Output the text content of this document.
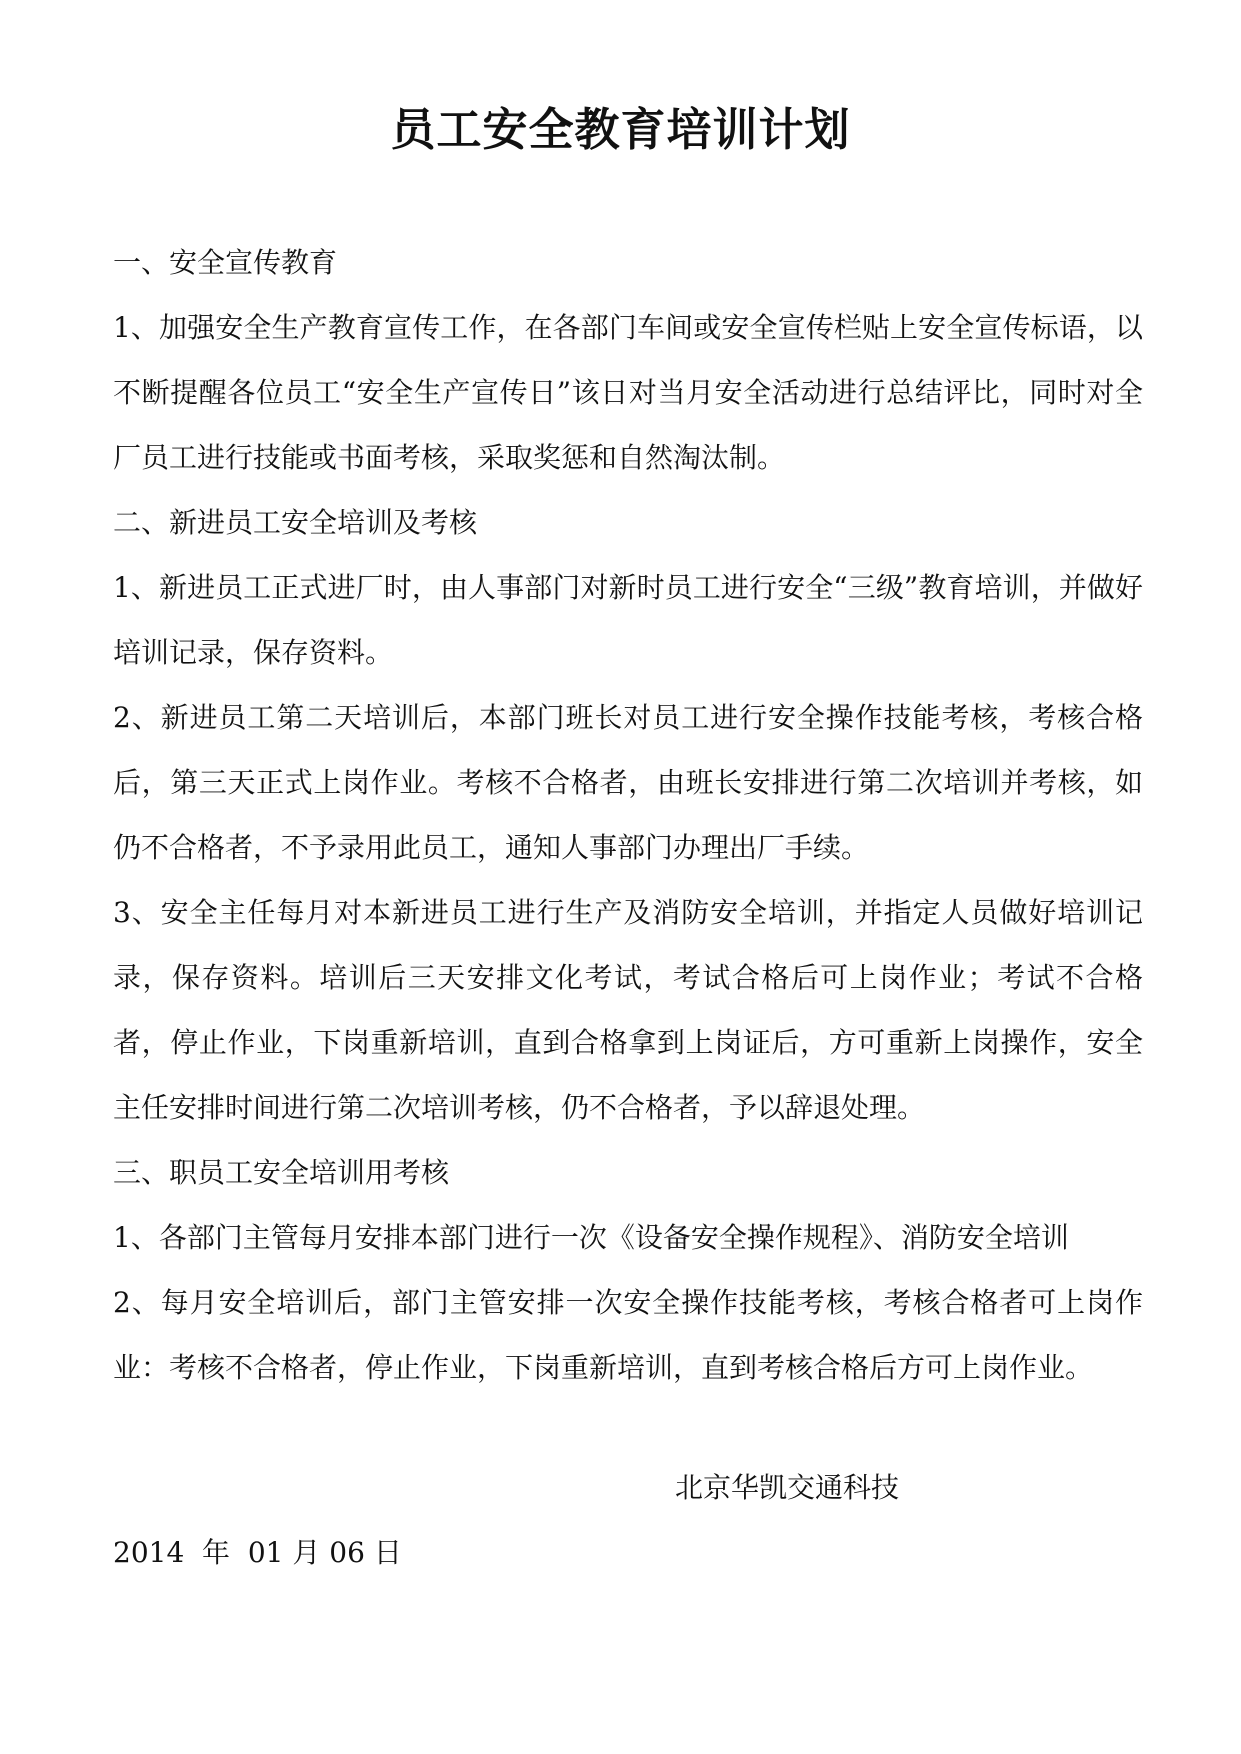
员工安全教育培训计划

一、安全宣传教育

1、加强安全生产教育宣传工作，在各部门车间或安全宣传栏贴上安全宣传标语，以不断提醒各位员工“安全生产宣传日”该日对当月安全活动进行总结评比，同时对全厂员工进行技能或书面考核，采取奖惩和自然淘汰制。

二、新进员工安全培训及考核

1、新进员工正式进厂时，由人事部门对新时员工进行安全“三级”教育培训，并做好培训记录，保存资料。

2、新进员工第二天培训后，本部门班长对员工进行安全操作技能考核，考核合格后，第三天正式上岗作业。考核不合格者，由班长安排进行第二次培训并考核，如仍不合格者，不予录用此员工，通知人事部门办理出厂手续。

3、安全主任每月对本新进员工进行生产及消防安全培训，并指定人员做好培训记录，保存资料。培训后三天安排文化考试，考试合格后可上岗作业；考试不合格者，停止作业，下岗重新培训，直到合格拿到上岗证后，方可重新上岗操作，安全主任安排时间进行第二次培训考核，仍不合格者，予以辞退处理。

三、职员工安全培训用考核

1、各部门主管每月安排本部门进行一次《设备安全操作规程》、消防安全培训

2、每月安全培训后，部门主管安排一次安全操作技能考核，考核合格者可上岗作业：考核不合格者，停止作业，下岗重新培训，直到考核合格后方可上岗作业。

北京华凯交通科技
2014  年  01 月 06 日
